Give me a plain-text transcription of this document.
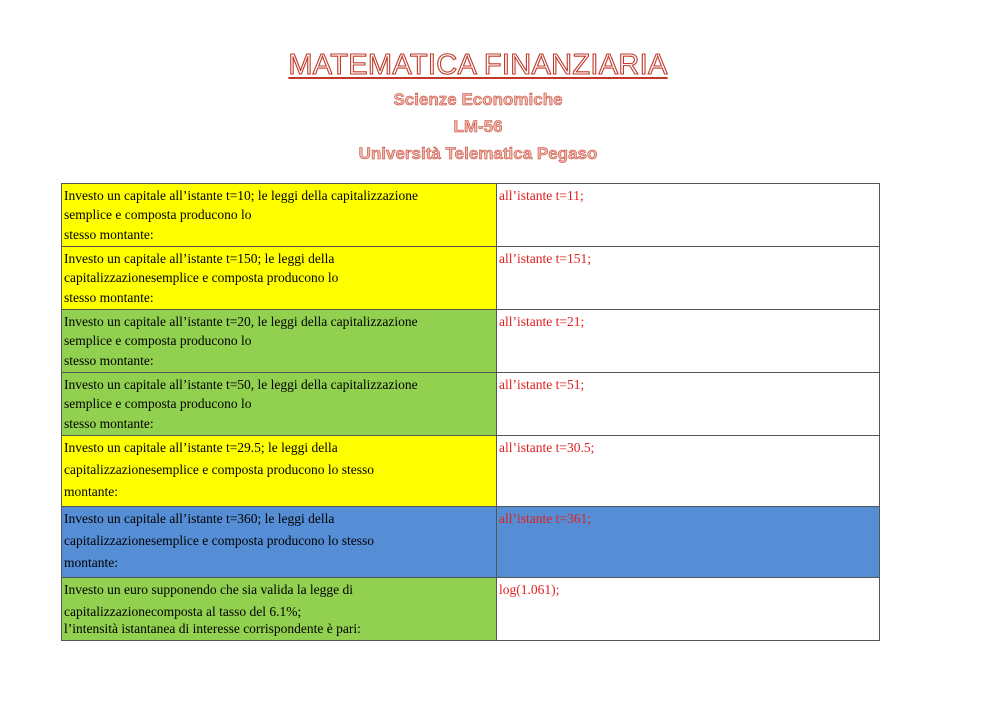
MATEMATICA FINANZIARIA
Scienze Economiche
LM-56
Università Telematica Pegaso
Investo un capitale all’istante t=10; le leggi della capitalizzazione
semplice e composta producono lo
stesso montante:	all’istante t=11;

Investo un capitale all’istante t=150; le leggi della
capitalizzazionesemplice e composta producono lo
stesso montante:	all’istante t=151;

Investo un capitale all’istante t=20, le leggi della capitalizzazione
semplice e composta producono lo
stesso montante:	all’istante t=21;

Investo un capitale all’istante t=50, le leggi della capitalizzazione
semplice e composta producono lo
stesso montante:	all’istante t=51;

Investo un capitale all’istante t=29.5; le leggi della
capitalizzazionesemplice e composta producono lo stesso
montante:	all’istante t=30.5;

Investo un capitale all’istante t=360; le leggi della
capitalizzazionesemplice e composta producono lo stesso
montante:	all’istante t=361;

Investo un euro supponendo che sia valida la legge di
capitalizzazionecomposta al tasso del 6.1%;
l’intensità istantanea di interesse corrispondente è pari:	log(1.061);
